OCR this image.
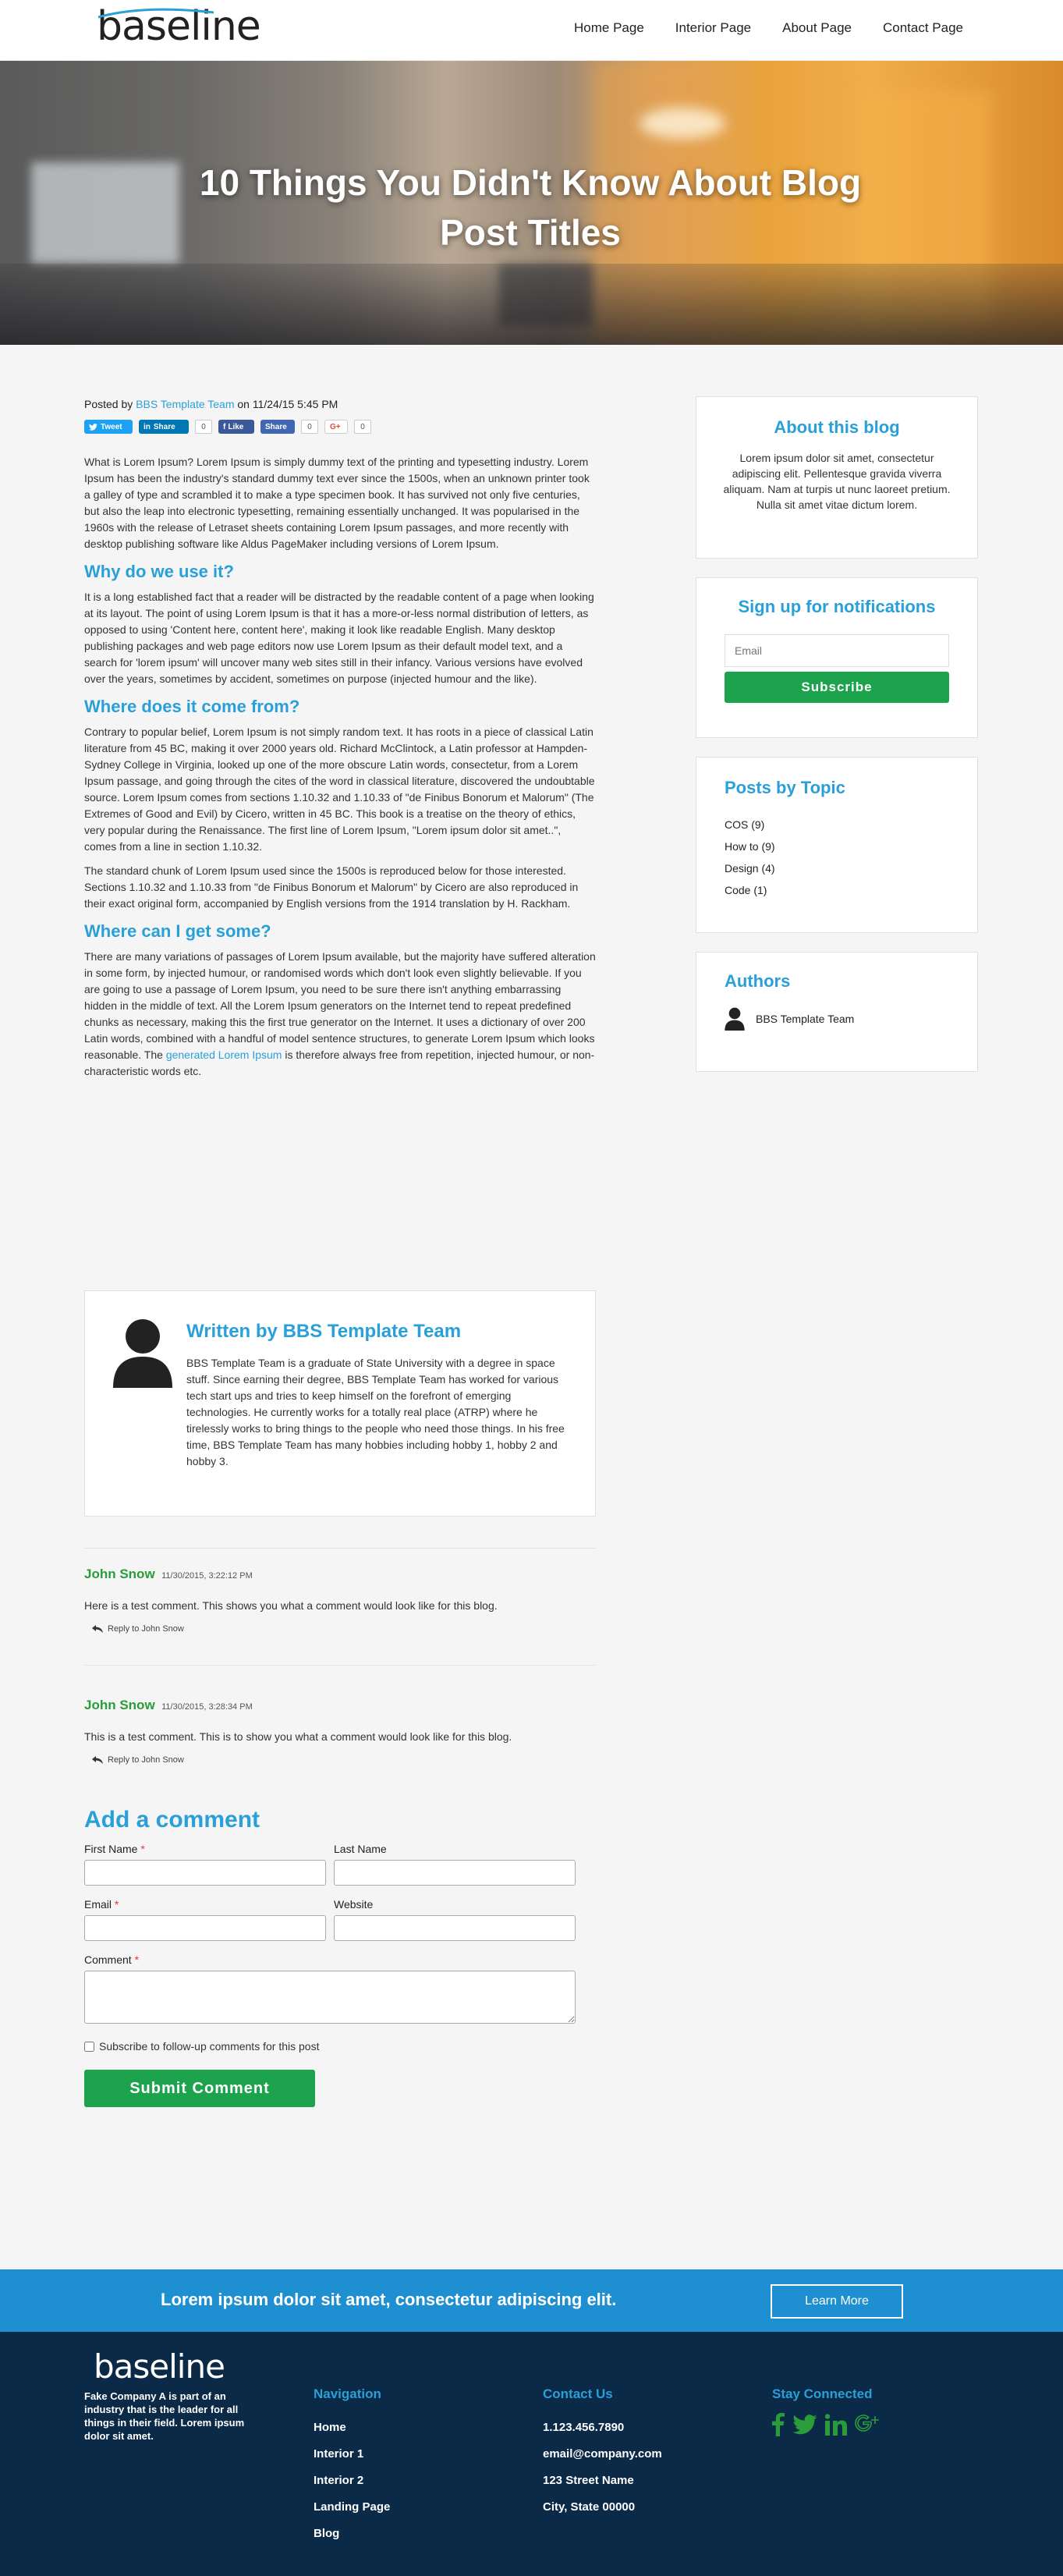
baseline	Home Page Interior Page About Page Contact Page
10 Things You Didn't Know About Blog Post Titles
Posted by BBS Template Team on 11/24/15 5:45 PM
Tweet	in Share	0	f Like	Share	0	G+	0

What is Lorem Ipsum? Lorem Ipsum is simply dummy text of the printing and typesetting industry. Lorem Ipsum has been the industry's standard dummy text ever since the 1500s, when an unknown printer took a galley of type and scrambled it to make a type specimen book. It has survived not only five centuries, but also the leap into electronic typesetting, remaining essentially unchanged. It was popularised in the 1960s with the release of Letraset sheets containing Lorem Ipsum passages, and more recently with desktop publishing software like Aldus PageMaker including versions of Lorem Ipsum.

Why do we use it?

It is a long established fact that a reader will be distracted by the readable content of a page when looking at its layout. The point of using Lorem Ipsum is that it has a more-or-less normal distribution of letters, as opposed to using 'Content here, content here', making it look like readable English. Many desktop publishing packages and web page editors now use Lorem Ipsum as their default model text, and a search for 'lorem ipsum' will uncover many web sites still in their infancy. Various versions have evolved over the years, sometimes by accident, sometimes on purpose (injected humour and the like).

Where does it come from?

Contrary to popular belief, Lorem Ipsum is not simply random text. It has roots in a piece of classical Latin literature from 45 BC, making it over 2000 years old. Richard McClintock, a Latin professor at Hampden-Sydney College in Virginia, looked up one of the more obscure Latin words, consectetur, from a Lorem Ipsum passage, and going through the cites of the word in classical literature, discovered the undoubtable source. Lorem Ipsum comes from sections 1.10.32 and 1.10.33 of "de Finibus Bonorum et Malorum" (The Extremes of Good and Evil) by Cicero, written in 45 BC. This book is a treatise on the theory of ethics, very popular during the Renaissance. The first line of Lorem Ipsum, "Lorem ipsum dolor sit amet..", comes from a line in section 1.10.32.

The standard chunk of Lorem Ipsum used since the 1500s is reproduced below for those interested. Sections 1.10.32 and 1.10.33 from "de Finibus Bonorum et Malorum" by Cicero are also reproduced in their exact original form, accompanied by English versions from the 1914 translation by H. Rackham.

Where can I get some?

There are many variations of passages of Lorem Ipsum available, but the majority have suffered alteration in some form, by injected humour, or randomised words which don't look even slightly believable. If you are going to use a passage of Lorem Ipsum, you need to be sure there isn't anything embarrassing hidden in the middle of text. All the Lorem Ipsum generators on the Internet tend to repeat predefined chunks as necessary, making this the first true generator on the Internet. It uses a dictionary of over 200 Latin words, combined with a handful of model sentence structures, to generate Lorem Ipsum which looks reasonable. The generated Lorem Ipsum is therefore always free from repetition, injected humour, or non-characteristic words etc.

Written by BBS Template Team
BBS Template Team is a graduate of State University with a degree in space stuff. Since earning their degree, BBS Template Team has worked for various tech start ups and tries to keep himself on the forefront of emerging technologies. He currently works for a totally real place (ATRP) where he tirelessly works to bring things to the people who need those things. In his free time, BBS Template Team has many hobbies including hobby 1, hobby 2 and hobby 3.
John Snow 11/30/2015, 3:22:12 PM
Here is a test comment. This shows you what a comment would look like for this blog.
Reply to John Snow
John Snow 11/30/2015, 3:28:34 PM
This is a test comment. This is to show you what a comment would look like for this blog.
Reply to John Snow
Add a comment
First Name *	Last Name
Email *	Website
Comment *
Subscribe to follow-up comments for this post
Submit Comment
About this blog

Lorem ipsum dolor sit amet, consectetur adipiscing elit. Pellentesque gravida viverra aliquam. Nam at turpis ut nunc laoreet pretium. Nulla sit amet vitae dictum lorem.

Sign up for notifications
Email
Subscribe
Posts by Topic
COS (9)
How to (9)
Design (4)
Code (1)
Authors
BBS Template Team
Lorem ipsum dolor sit amet, consectetur adipiscing elit.	Learn More
baseline
Fake Company A is part of an industry that is the leader for all things in their field. Lorem ipsum dolor sit amet.
Navigation
Home
Interior 1
Interior 2
Landing Page
Blog
Contact Us
1.123.456.7890
email@company.com
123 Street Name
City, State 00000
Stay Connected
